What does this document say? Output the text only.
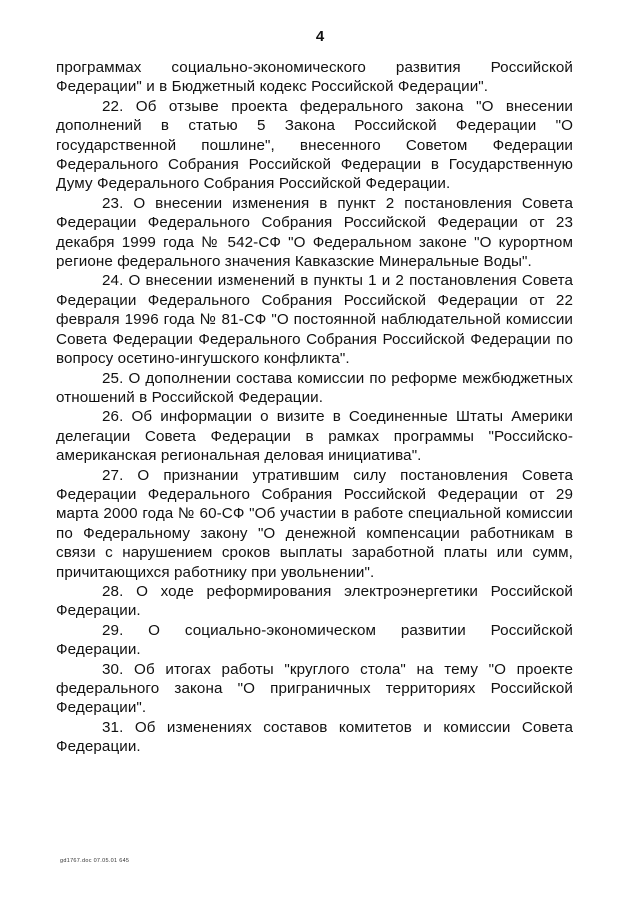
4

программах социально-экономического развития Российской Федерации" и в Бюджетный кодекс Российской Федерации".

22. Об отзыве проекта федерального закона "О внесении дополнений в статью 5 Закона Российской Федерации "О государственной пошлине", внесенного Советом Федерации Федерального Собрания Российской Федерации в Государственную Думу Федерального Собрания Российской Федерации.

23. О внесении изменения в пункт 2 постановления Совета Федерации Федерального Собрания Российской Федерации от 23 декабря 1999 года № 542-СФ "О Федеральном законе "О курортном регионе федерального значения Кавказские Минеральные Воды".

24. О внесении изменений в пункты 1 и 2 постановления Совета Федерации Федерального Собрания Российской Федерации от 22 февраля 1996 года № 81-СФ "О постоянной наблюдательной комиссии Совета Федерации Федерального Собрания Российской Федерации по вопросу осетино-ингушского конфликта".

25. О дополнении состава комиссии по реформе межбюджетных отношений в Российской Федерации.

26. Об информации о визите в Соединенные Штаты Америки делегации Совета Федерации в рамках программы "Российско-американская региональная деловая инициатива".

27. О признании утратившим силу постановления Совета Федерации Федерального Собрания Российской Федерации от 29 марта 2000 года № 60-СФ "Об участии в работе специальной комиссии по Федеральному закону "О денежной компенсации работникам в связи с нарушением сроков выплаты заработной платы или сумм, причитающихся работнику при увольнении".

28. О ходе реформирования электроэнергетики Российской Федерации.

29. О социально-экономическом развитии Российской Федерации.

30. Об итогах работы "круглого стола" на тему "О проекте федерального закона "О приграничных территориях Российской Федерации".

31. Об изменениях составов комитетов и комиссии Совета Федерации.

gd1767.doc 07.05.01 645
